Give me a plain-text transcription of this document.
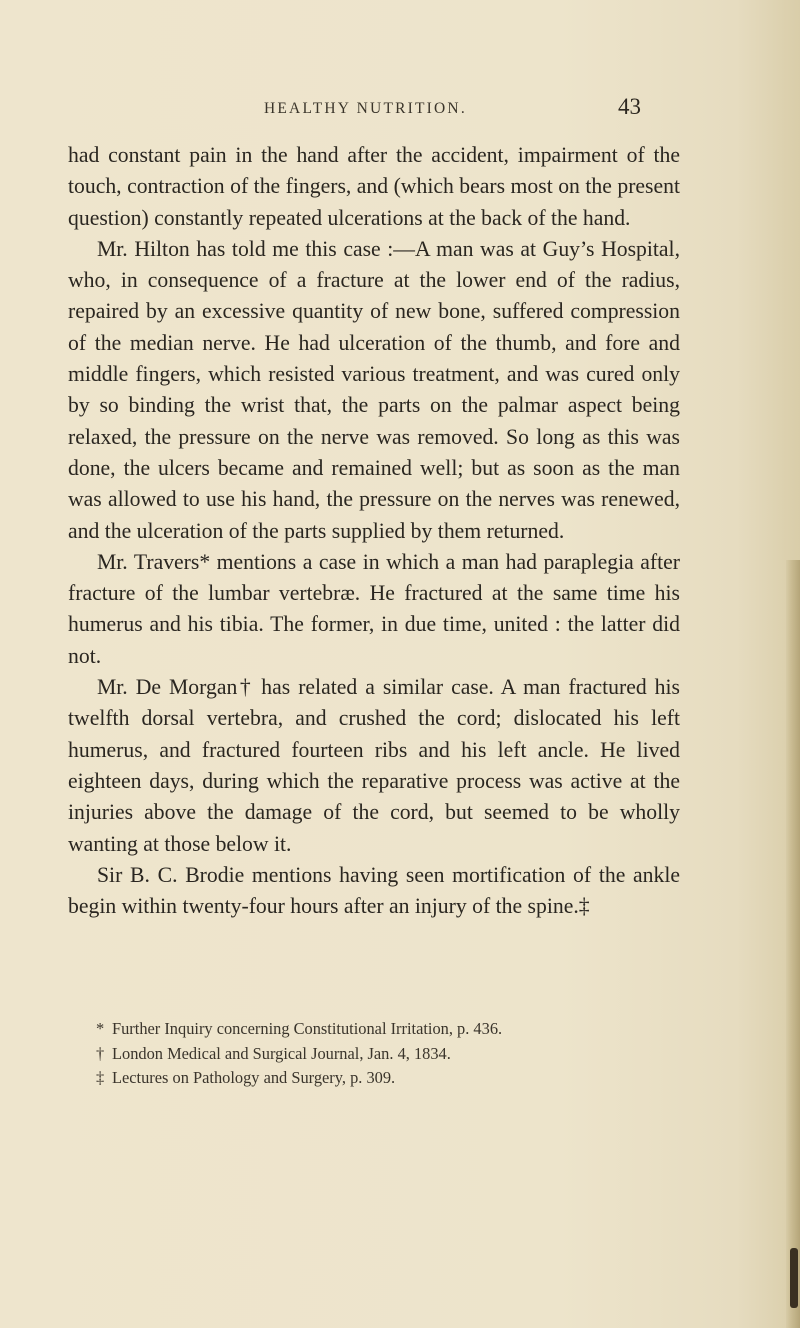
HEALTHY NUTRITION.	43

had constant pain in the hand after the accident, impairment of the touch, contraction of the fingers, and (which bears most on the present question) constantly repeated ulcerations at the back of the hand.

Mr. Hilton has told me this case :—A man was at Guy’s Hospital, who, in consequence of a fracture at the lower end of the radius, repaired by an excessive quantity of new bone, suffered compression of the median nerve. He had ulceration of the thumb, and fore and middle fingers, which resisted various treatment, and was cured only by so binding the wrist that, the parts on the palmar aspect being relaxed, the pressure on the nerve was removed. So long as this was done, the ulcers became and remained well; but as soon as the man was allowed to use his hand, the pressure on the nerves was renewed, and the ulceration of the parts supplied by them returned.

Mr. Travers* mentions a case in which a man had paraplegia after fracture of the lumbar vertebræ. He fractured at the same time his humerus and his tibia. The former, in due time, united : the latter did not.

Mr. De Morgan† has related a similar case. A man fractured his twelfth dorsal vertebra, and crushed the cord; dislocated his left humerus, and fractured fourteen ribs and his left ancle. He lived eighteen days, during which the reparative process was active at the injuries above the damage of the cord, but seemed to be wholly wanting at those below it.

Sir B. C. Brodie mentions having seen mortification of the ankle begin within twenty-four hours after an injury of the spine.‡

* Further Inquiry concerning Constitutional Irritation, p. 436.

† London Medical and Surgical Journal, Jan. 4, 1834.

‡ Lectures on Pathology and Surgery, p. 309.
